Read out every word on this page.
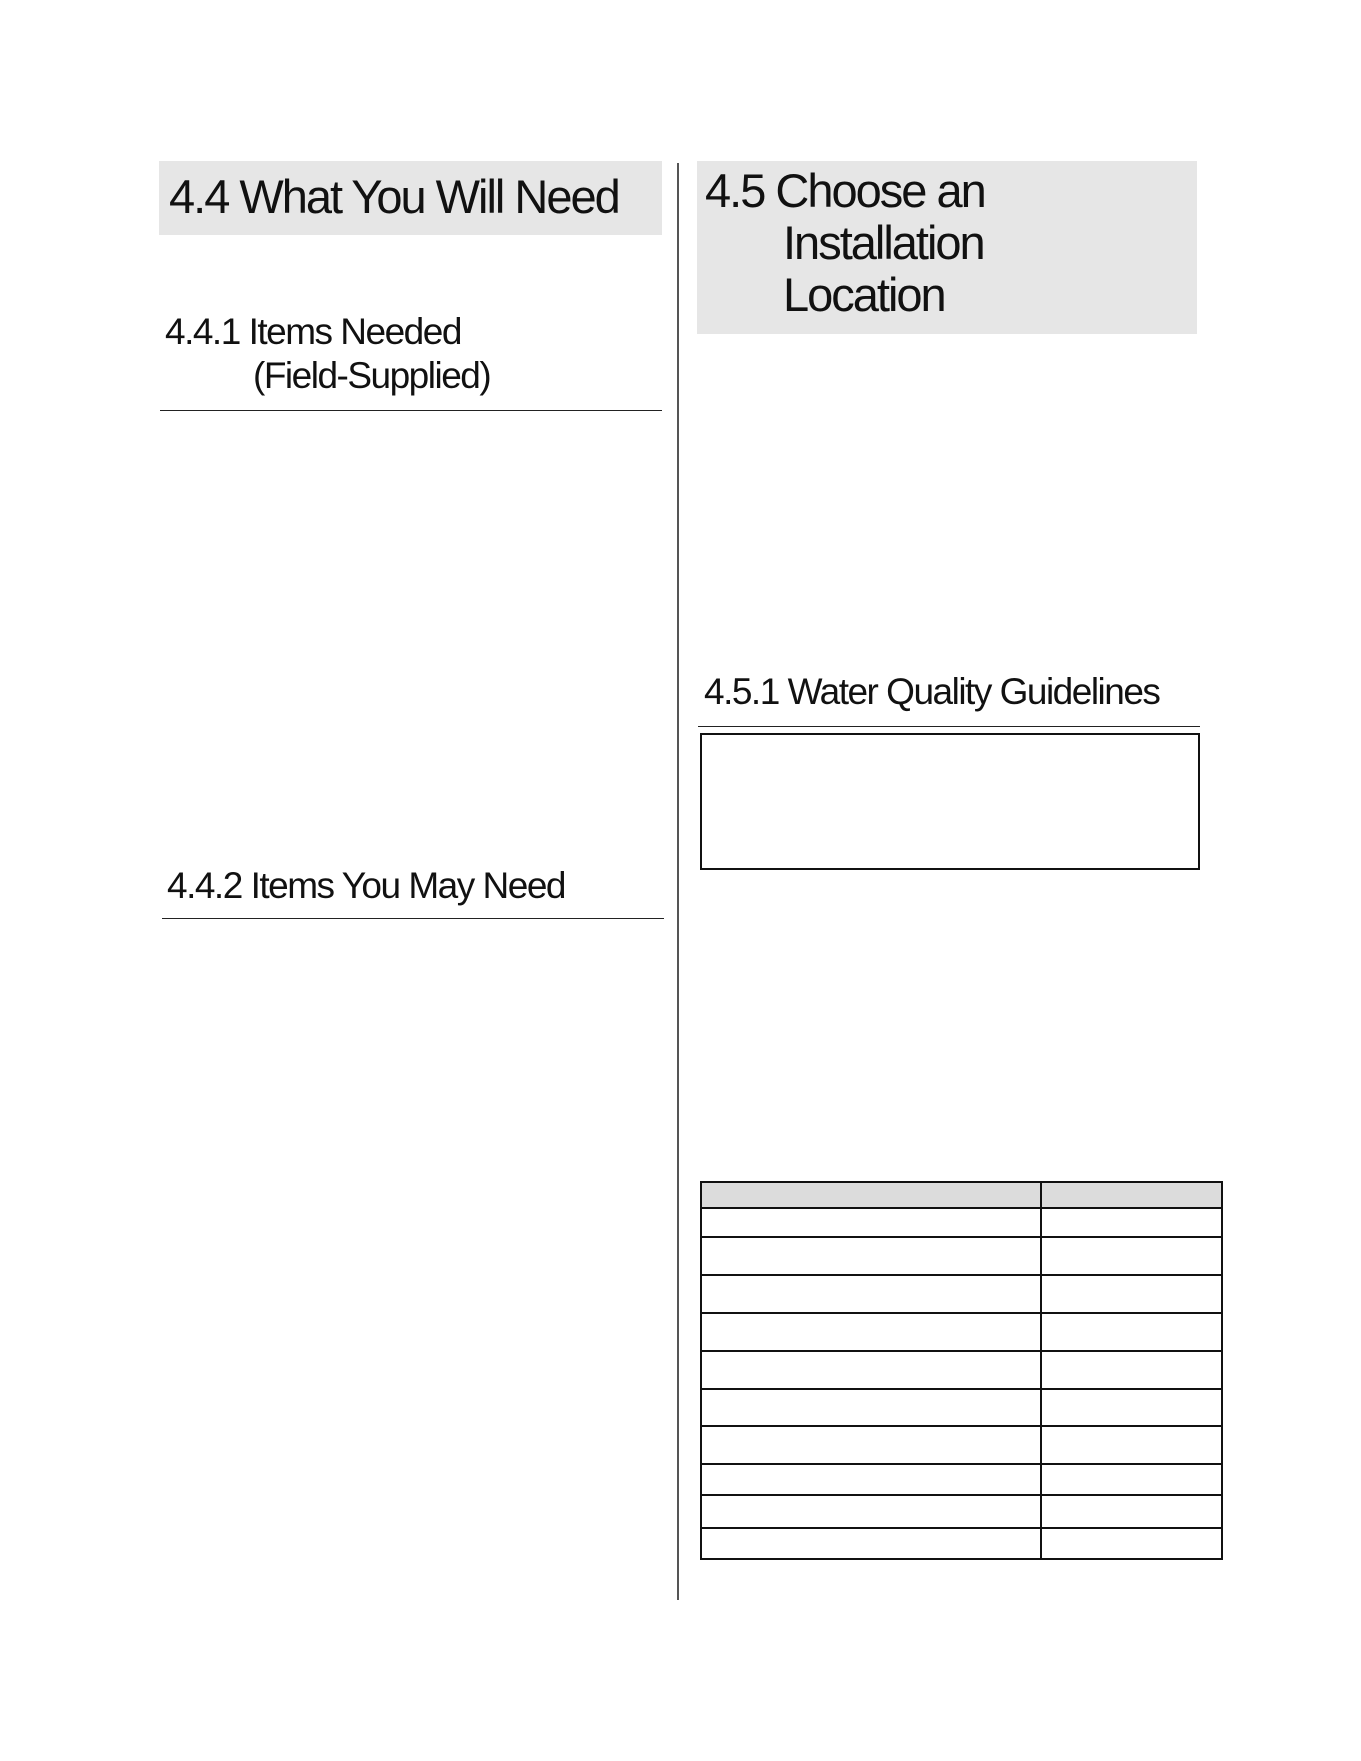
4.4 What You Will Need
4.4.1 Items Needed
(Field-Supplied)
4.4.2 Items You May Need
4.5 Choose an
Installation
Location
4.5.1 Water Quality Guidelines
